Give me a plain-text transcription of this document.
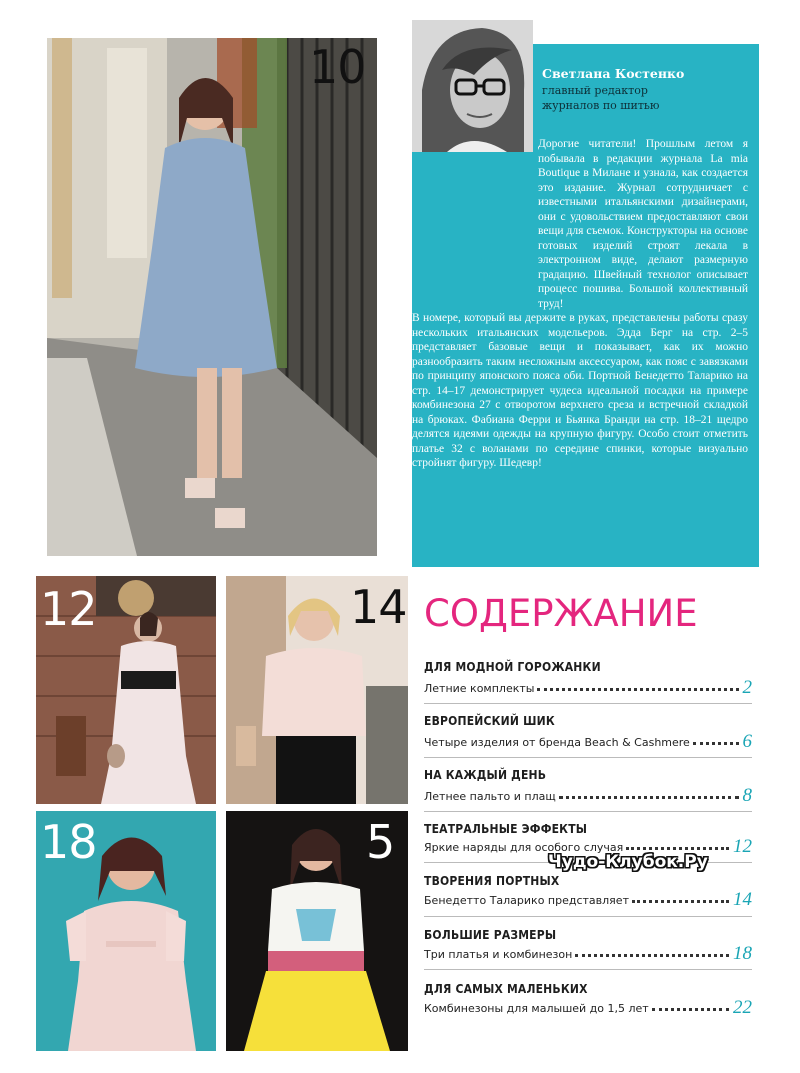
10	Светлана Костенко
главный редактор
журналов по шитью

Дорогие читатели! Прошлым летом я побывала в редакции журнала La mia Boutique в Милане и узнала, как создается это издание. Журнал сотрудничает с известными итальянскими дизайнерами, они с удовольствием предоставляют свои вещи для съемок. Конструкторы на основе готовых изделий строят лекала в электронном виде, делают размерную градацию. Швейный технолог описывает процесс пошива. Большой коллективный труд!

В номере, который вы держите в руках, представлены работы сразу нескольких итальянских модельеров. Эдда Берг на стр. 2–5 представляет базовые вещи и показывает, как их можно разнообразить таким несложным аксессуаром, как пояс с завязками по принципу японского пояса оби. Портной Бенедетто Таларико на стр. 14–17 демонстрирует чудеса идеальной посадки на примере комбинезона 27 с отворотом верхнего среза и встречной складкой на брюках. Фабиана Ферри и Бьянка Бранди на стр. 18–21 щедро делятся идеями одежды на крупную фигуру. Особо стоит отметить платье 32 с воланами по середине спинки, которые визуально стройнят фигуру. Шедевр!

12	14
18	5
СОДЕРЖАНИЕ
ДЛЯ МОДНОЙ ГОРОЖАНКИ
Летние комплекты	2
ЕВРОПЕЙСКИЙ ШИК
Четыре изделия от бренда Beach & Cashmere	6
НА КАЖДЫЙ ДЕНЬ
Летнее пальто и плащ	8
ТЕАТРАЛЬНЫЕ ЭФФЕКТЫ
Яркие наряды для особого случая	12
ТВОРЕНИЯ ПОРТНЫХ
Бенедетто Таларико представляет	14
БОЛЬШИЕ РАЗМЕРЫ
Три платья и комбинезон	18
ДЛЯ САМЫХ МАЛЕНЬКИХ
Комбинезоны для малышей до 1,5 лет	22
Чудо-Клубок.Ру
